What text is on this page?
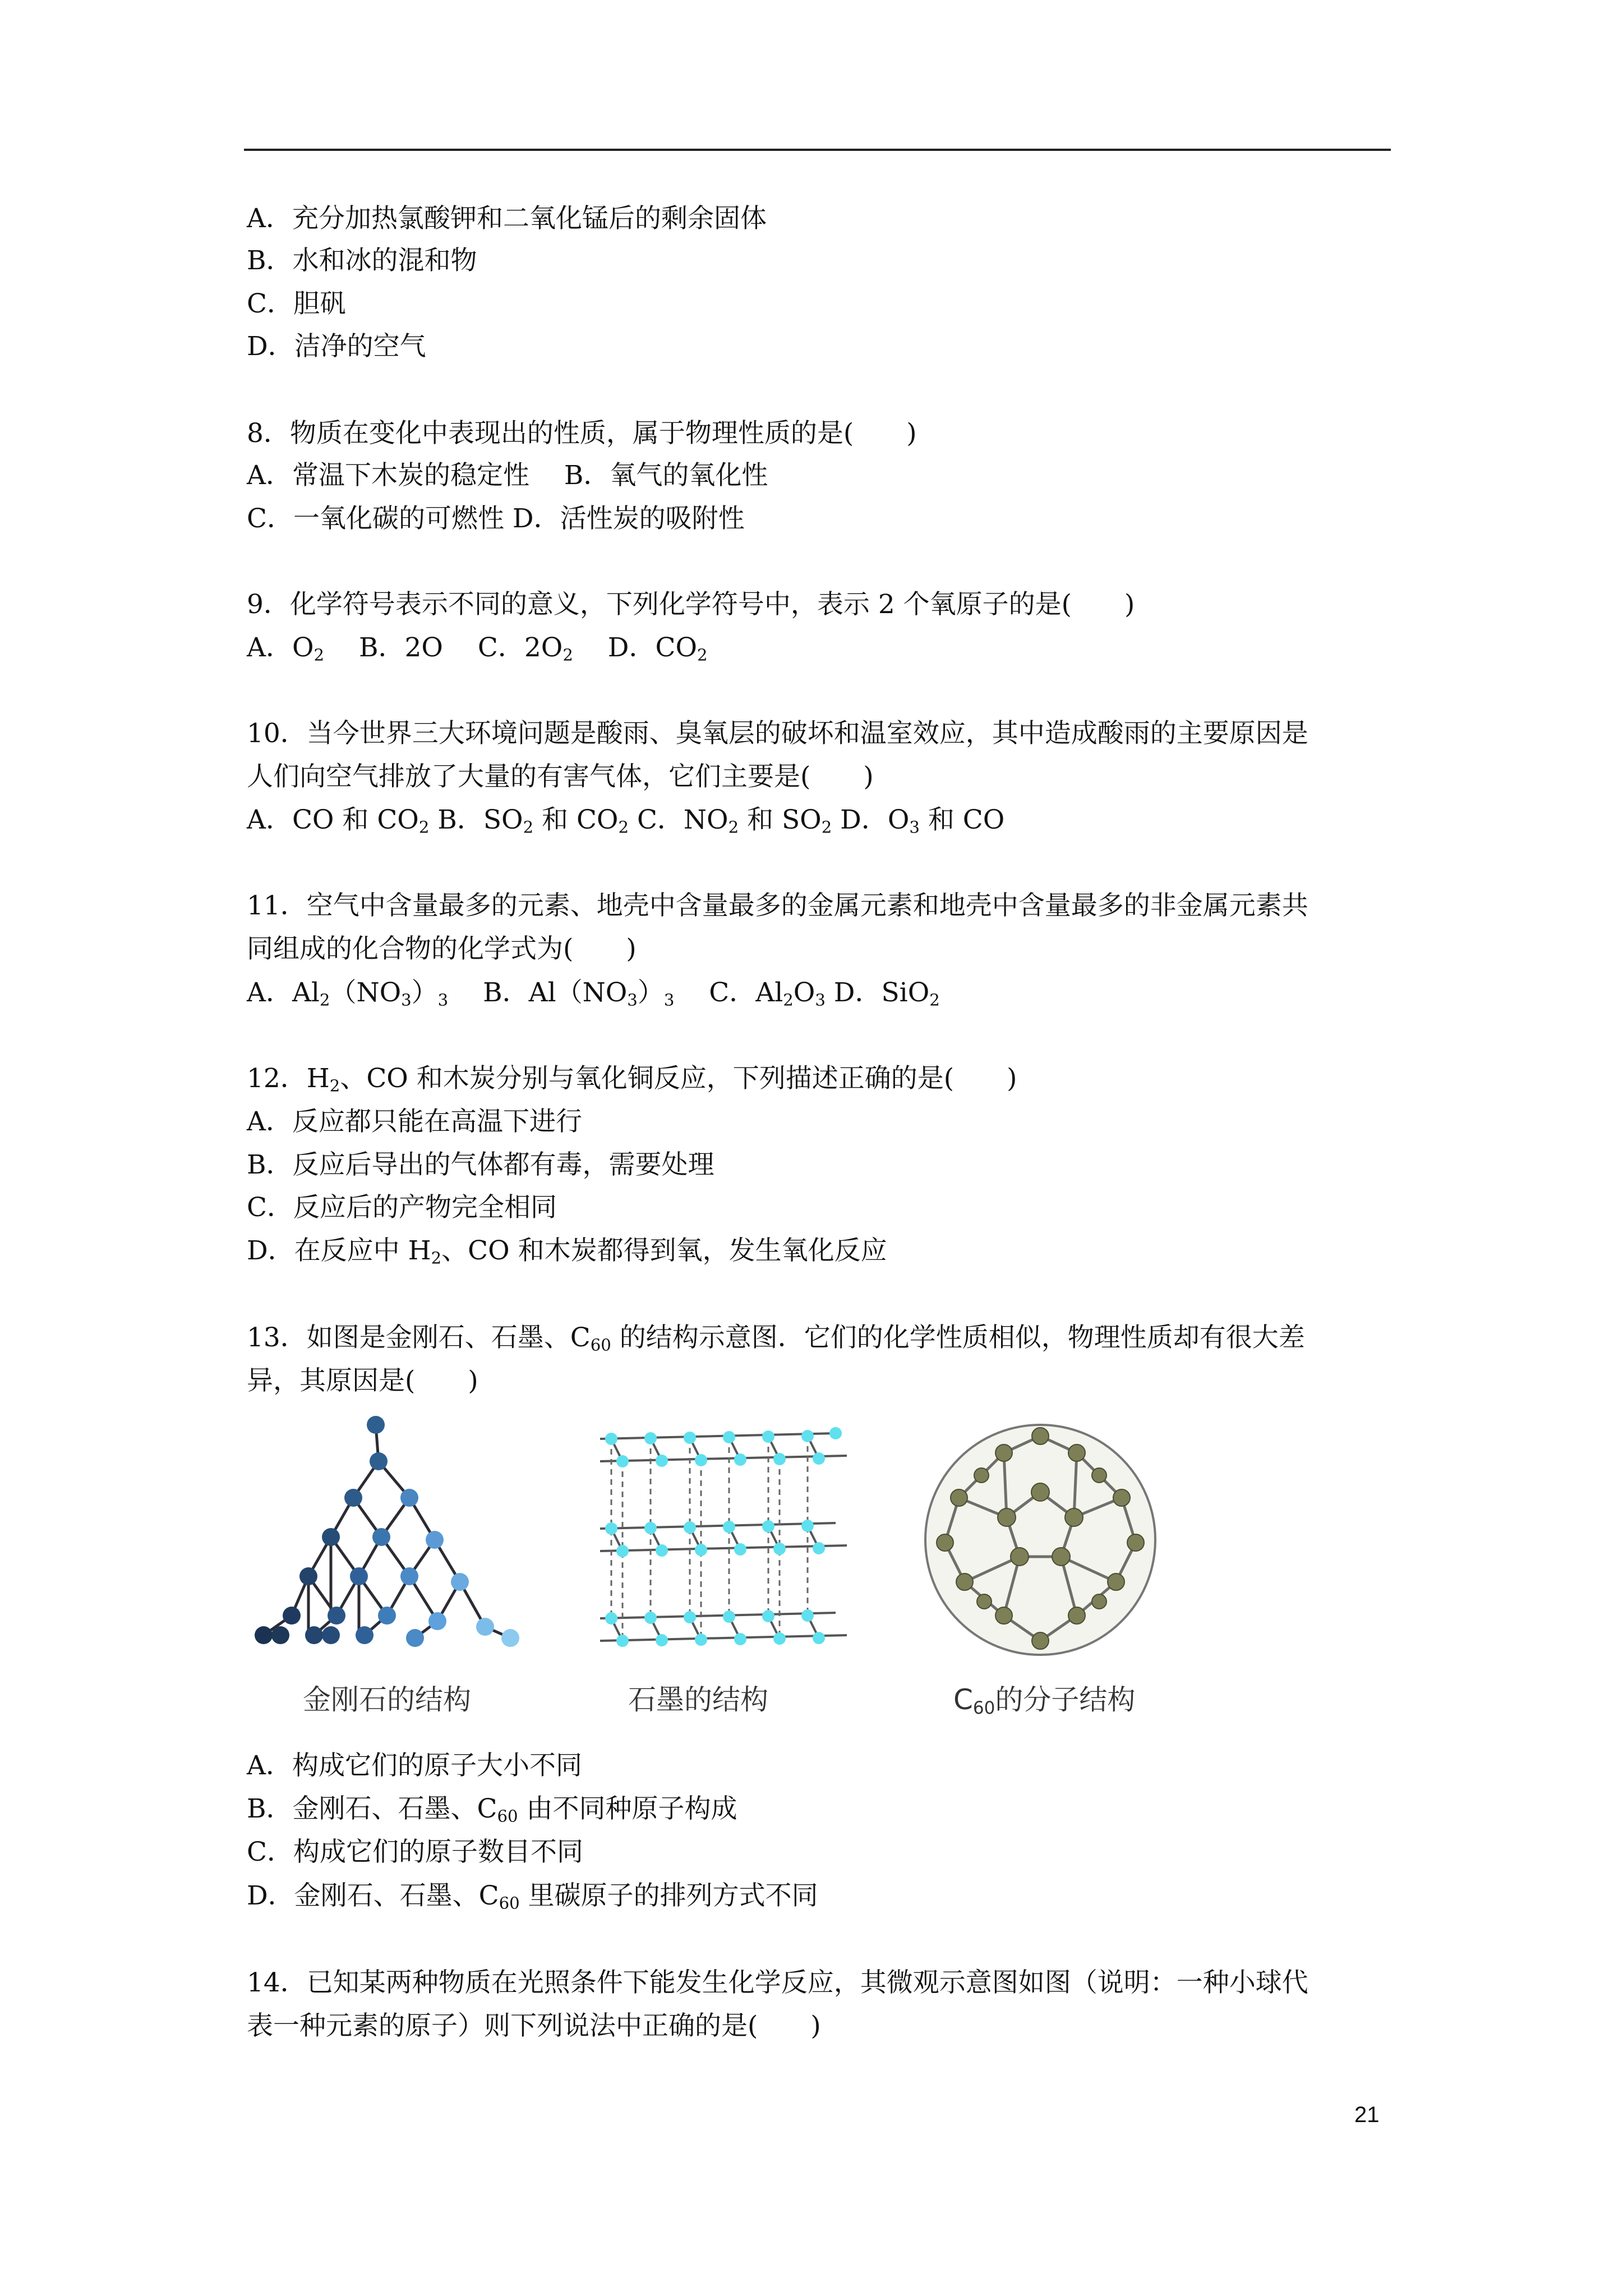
A．充分加热氯酸钾和二氧化锰后的剩余固体
B．水和冰的混和物
C．胆矾
D．洁净的空气
8．物质在变化中表现出的性质，属于物理性质的是(　　)
A．常温下木炭的稳定性　 B．氧气的氧化性
C．一氧化碳的可燃性 D．活性炭的吸附性
9．化学符号表示不同的意义，下列化学符号中，表示 2 个氧原子的是(　　)
A．$O_2$ 　B．2O　 C．$2O_2$ 　D．$CO_2$
10．当今世界三大环境问题是酸雨、臭氧层的破坏和温室效应，其中造成酸雨的主要原因是
人们向空气排放了大量的有害气体，它们主要是(　　)
A．CO 和 $CO_2$ B．$SO_2$ 和 $CO_2$ C．$NO_2$ 和 $SO_2$ D．$O_3$ 和 CO
11．空气中含量最多的元素、地壳中含量最多的金属元素和地壳中含量最多的非金属元素共
同组成的化合物的化学式为(　　)
A．$Al_2(NO_3)_3$　 B．$Al(NO_3)_3$　 C．$Al_2O_3$ D．SiO$_2$
12．$H_2$、CO 和木炭分别与氧化铜反应，下列描述正确的是(　　)
A．反应都只能在高温下进行
B．反应后导出的气体都有毒，需要处理
C．反应后的产物完全相同
D．在反应中 $H_2$、CO 和木炭都得到氧，发生氧化反应
13．如图是金刚石、石墨、$C_{60}$ 的结构示意图．它们的化学性质相似，物理性质却有很大差
异，其原因是(　　)
金刚石的结构	石墨的结构	$C_{60}$的分子结构
A．构成它们的原子大小不同
B．金刚石、石墨、$C_{60}$ 由不同种原子构成
C．构成它们的原子数目不同
D．金刚石、石墨、$C_{60}$ 里碳原子的排列方式不同
14．已知某两种物质在光照条件下能发生化学反应，其微观示意图如图（说明：一种小球代
表一种元素的原子）则下列说法中正确的是(　　)
21
